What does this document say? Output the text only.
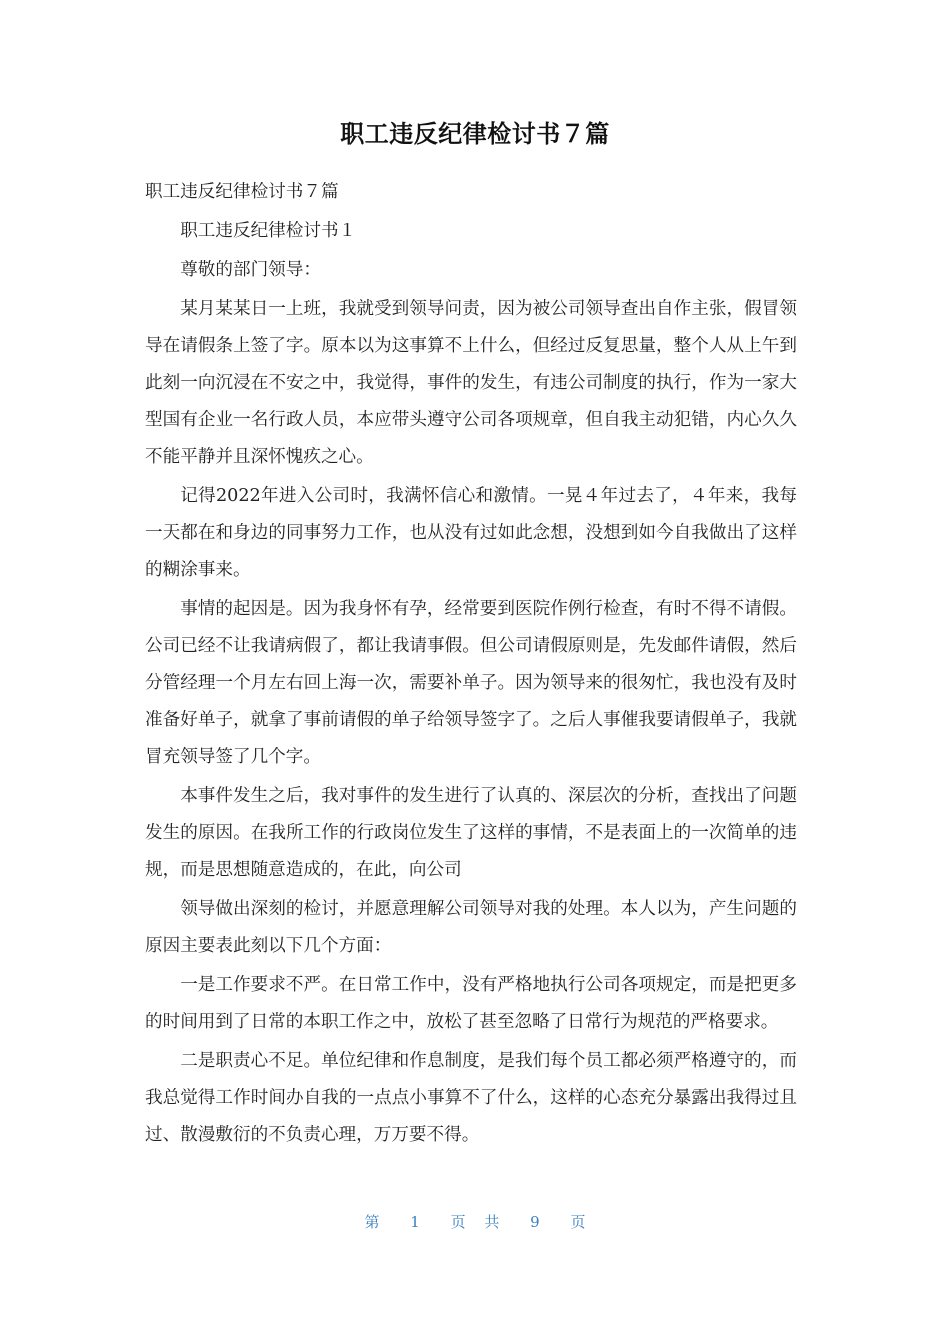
职工违反纪律检讨书７篇

职工违反纪律检讨书７篇

职工违反纪律检讨书１

尊敬的部门领导：

某月某某日一上班，我就受到领导问责，因为被公司领导查出自作主张，假冒领导在请假条上签了字。原本以为这事算不上什么，但经过反复思量，整个人从上午到此刻一向沉浸在不安之中，我觉得，事件的发生，有违公司制度的执行，作为一家大型国有企业一名行政人员，本应带头遵守公司各项规章，但自我主动犯错，内心久久不能平静并且深怀愧疚之心。

记得2022年进入公司时，我满怀信心和激情。一晃４年过去了，４年来，我每一天都在和身边的同事努力工作，也从没有过如此念想，没想到如今自我做出了这样的糊涂事来。

事情的起因是。因为我身怀有孕，经常要到医院作例行检查，有时不得不请假。公司已经不让我请病假了，都让我请事假。但公司请假原则是，先发邮件请假，然后分管经理一个月左右回上海一次，需要补单子。因为领导来的很匆忙，我也没有及时准备好单子，就拿了事前请假的单子给领导签字了。之后人事催我要请假单子，我就冒充领导签了几个字。

本事件发生之后，我对事件的发生进行了认真的、深层次的分析，查找出了问题发生的原因。在我所工作的行政岗位发生了这样的事情，不是表面上的一次简单的违规，而是思想随意造成的，在此，向公司

领导做出深刻的检讨，并愿意理解公司领导对我的处理。本人以为，产生问题的原因主要表此刻以下几个方面：

一是工作要求不严。在日常工作中，没有严格地执行公司各项规定，而是把更多的时间用到了日常的本职工作之中，放松了甚至忽略了日常行为规范的严格要求。

二是职责心不足。单位纪律和作息制度，是我们每个员工都必须严格遵守的，而我总觉得工作时间办自我的一点点小事算不了什么，这样的心态充分暴露出我得过且过、散漫敷衍的不负责心理，万万要不得。

第 1 页 共 9 页
